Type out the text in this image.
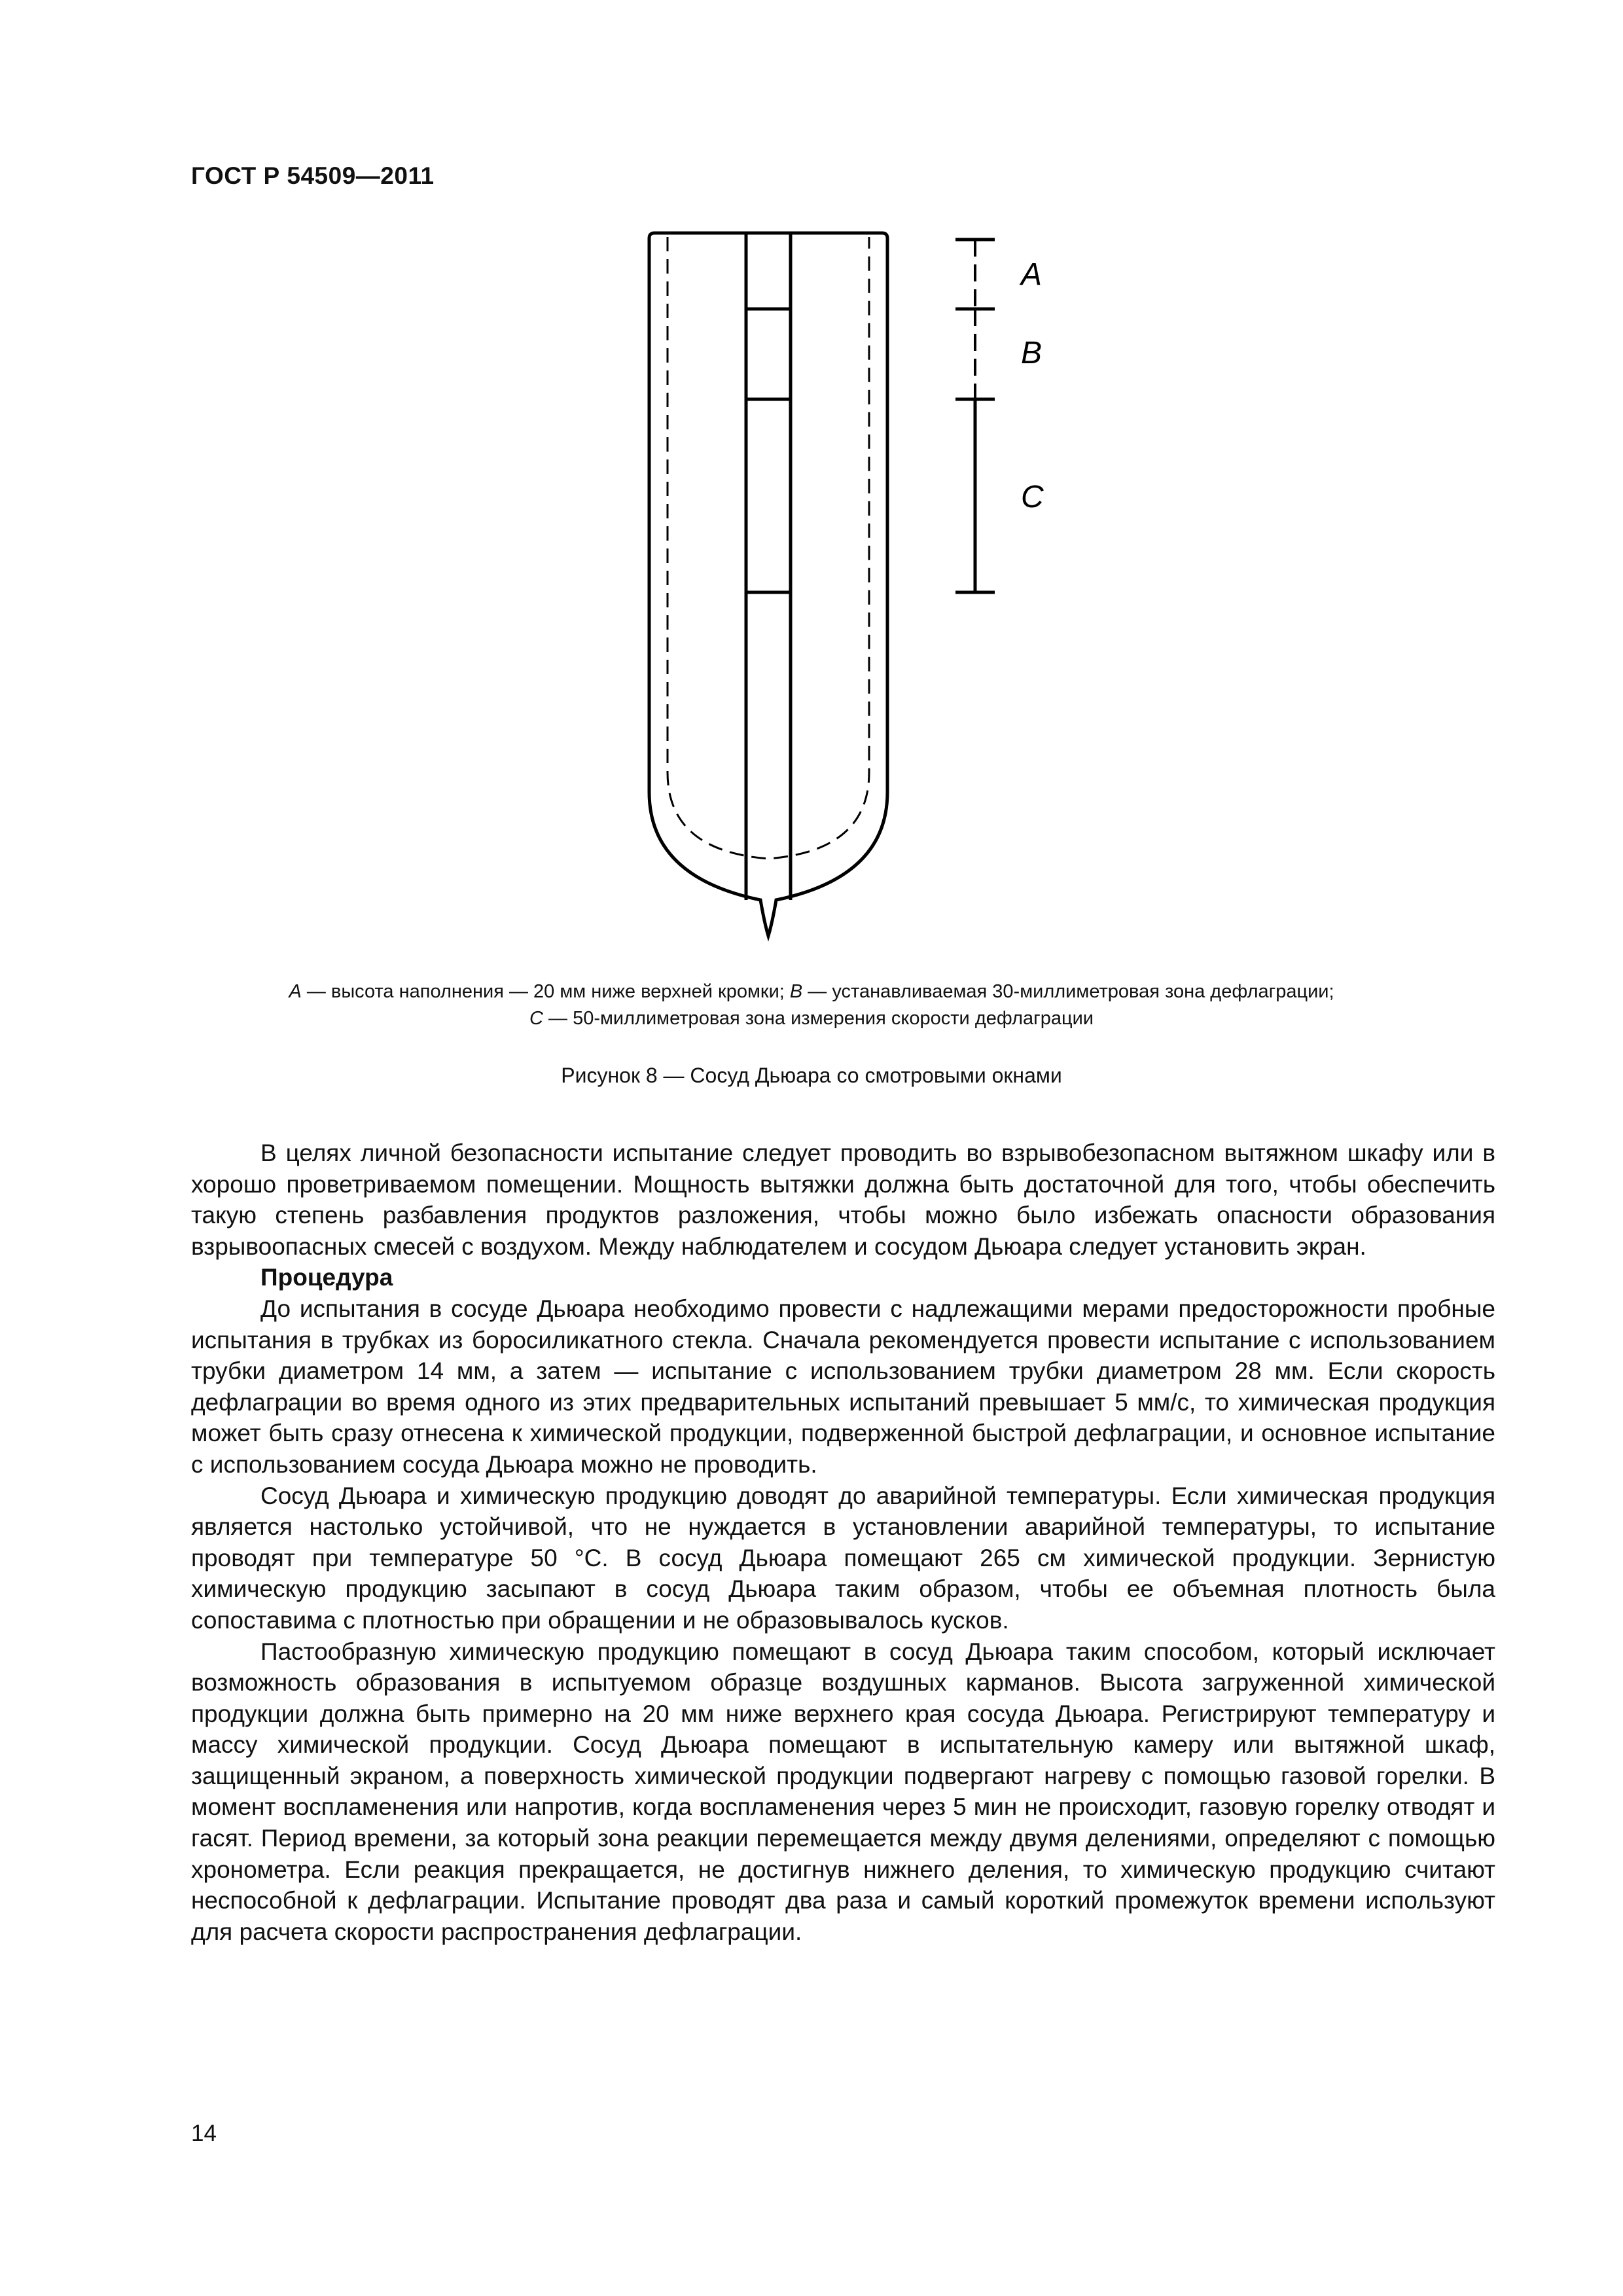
ГОСТ Р 54509—2011
А
В
С
А — высота наполнения — 20 мм ниже верхней кромки; В — устанавливаемая 30-миллиметровая зона дефлаграции;
С — 50-миллиметровая зона измерения скорости дефлаграции
Рисунок 8 — Сосуд Дьюара со смотровыми окнами

В целях личной безопасности испытание следует проводить во взрывобезопасном вытяжном шкафу или в хорошо проветриваемом помещении. Мощность вытяжки должна быть достаточной для того, чтобы обеспечить такую степень разбавления продуктов разложения, чтобы можно было избежать опасности образования взрывоопасных смесей с воздухом. Между наблюдателем и сосудом Дьюара следует установить экран.

Процедура

До испытания в сосуде Дьюара необходимо провести с надлежащими мерами предосторожности пробные испытания в трубках из боросиликатного стекла. Сначала рекомендуется провести испытание с использованием трубки диаметром 14 мм, а затем — испытание с использованием трубки диаметром 28 мм. Если скорость дефлаграции во время одного из этих предварительных испытаний превышает 5 мм/с, то химическая продукция может быть сразу отнесена к химической продукции, подверженной быстрой дефлаграции, и основное испытание с использованием сосуда Дьюара можно не проводить.

Сосуд Дьюара и химическую продукцию доводят до аварийной температуры. Если химическая продукция является настолько устойчивой, что не нуждается в установлении аварийной температуры, то испытание проводят при температуре 50 °С. В сосуд Дьюара помещают 265 см химической продукции. Зернистую химическую продукцию засыпают в сосуд Дьюара таким образом, чтобы ее объемная плотность была сопоставима с плотностью при обращении и не образовывалось кусков.

Пастообразную химическую продукцию помещают в сосуд Дьюара таким способом, который исключает возможность образования в испытуемом образце воздушных карманов. Высота загруженной химической продукции должна быть примерно на 20 мм ниже верхнего края сосуда Дьюара. Регистрируют температуру и массу химической продукции. Сосуд Дьюара помещают в испытательную камеру или вытяжной шкаф, защищенный экраном, а поверхность химической продукции подвергают нагреву с помощью газовой горелки. В момент воспламенения или напротив, когда воспламенения через 5 мин не происходит, газовую горелку отводят и гасят. Период времени, за который зона реакции перемещается между двумя делениями, определяют с помощью хронометра. Если реакция прекращается, не достигнув нижнего деления, то химическую продукцию считают неспособной к дефлаграции. Испытание проводят два раза и самый короткий промежуток времени используют для расчета скорости распространения дефлаграции.

14
